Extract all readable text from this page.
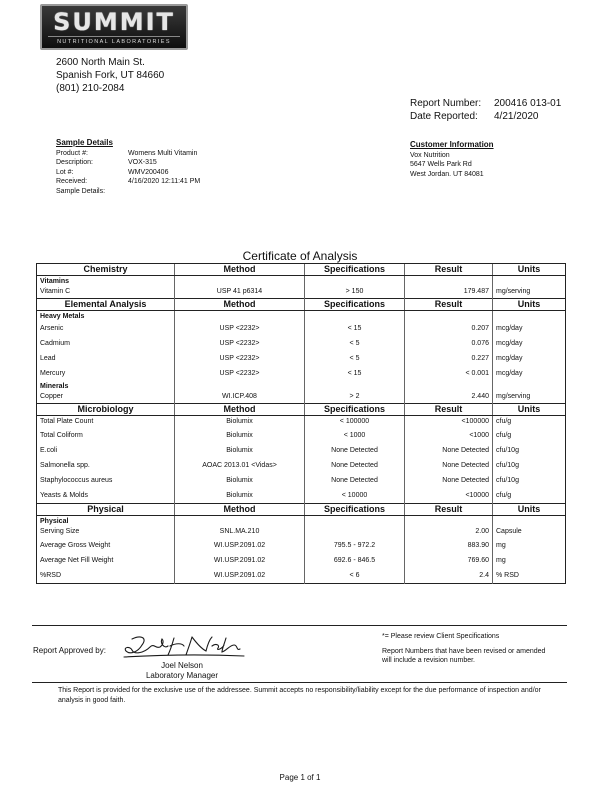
SUMMIT
NUTRITIONAL LABORATORIES
2600 North Main St.
Spanish Fork, UT 84660
(801) 210-2084
Report Number:	200416 013-01
Date Reported:	4/21/2020
Sample Details
Product #:	Womens Multi Vitamin
Description:	VOX-315
Lot #:	WMV200406
Received:	4/16/2020 12:11:41 PM
Sample Details:
Customer Information
Vox Nutrition
5647 Wells Park Rd
West Jordan. UT 84081
Certificate of Analysis
Chemistry	Method	Specifications	Result	Units
Vitamins				
Vitamin C	USP 41 p6314	> 150	179.487	mg/serving
Elemental Analysis	Method	Specifications	Result	Units
Heavy Metals				
Arsenic	USP <2232>	< 15	0.207	mcg/day
Cadmium	USP <2232>	< 5	0.076	mcg/day
Lead	USP <2232>	< 5	0.227	mcg/day
Mercury	USP <2232>	< 15	< 0.001	mcg/day
Minerals				
Copper	WI.ICP.408	> 2	2.440	mg/serving
Microbiology	Method	Specifications	Result	Units
Total Plate Count	Biolumix	< 100000	<100000	cfu/g
Total Coliform	Biolumix	< 1000	<1000	cfu/g
E.coli	Biolumix	None Detected	None Detected	cfu/10g
Salmonella spp.	AOAC 2013.01 <Vidas>	None Detected	None Detected	cfu/10g
Staphylococcus aureus	Biolumix	None Detected	None Detected	cfu/10g
Yeasts & Molds	Biolumix	< 10000	<10000	cfu/g
Physical	Method	Specifications	Result	Units
Physical				
Serving Size	SNL.MA.210		2.00	Capsule
Average Gross Weight	WI.USP.2091.02	795.5 - 972.2	883.90	mg
Average Net Fill Weight	WI.USP.2091.02	692.6 - 846.5	769.60	mg
%RSD	WI.USP.2091.02	< 6	2.4	% RSD
Report Approved by:
Joel Nelson
Laboratory Manager
*= Please review Client Specifications
Report Numbers that have been revised or amended will include a revision number.
This Report is provided for the exclusive use of the addressee. Summit accepts no responsibility/liability except for the due performance of inspection and/or analysis in good faith.
Page 1 of 1
